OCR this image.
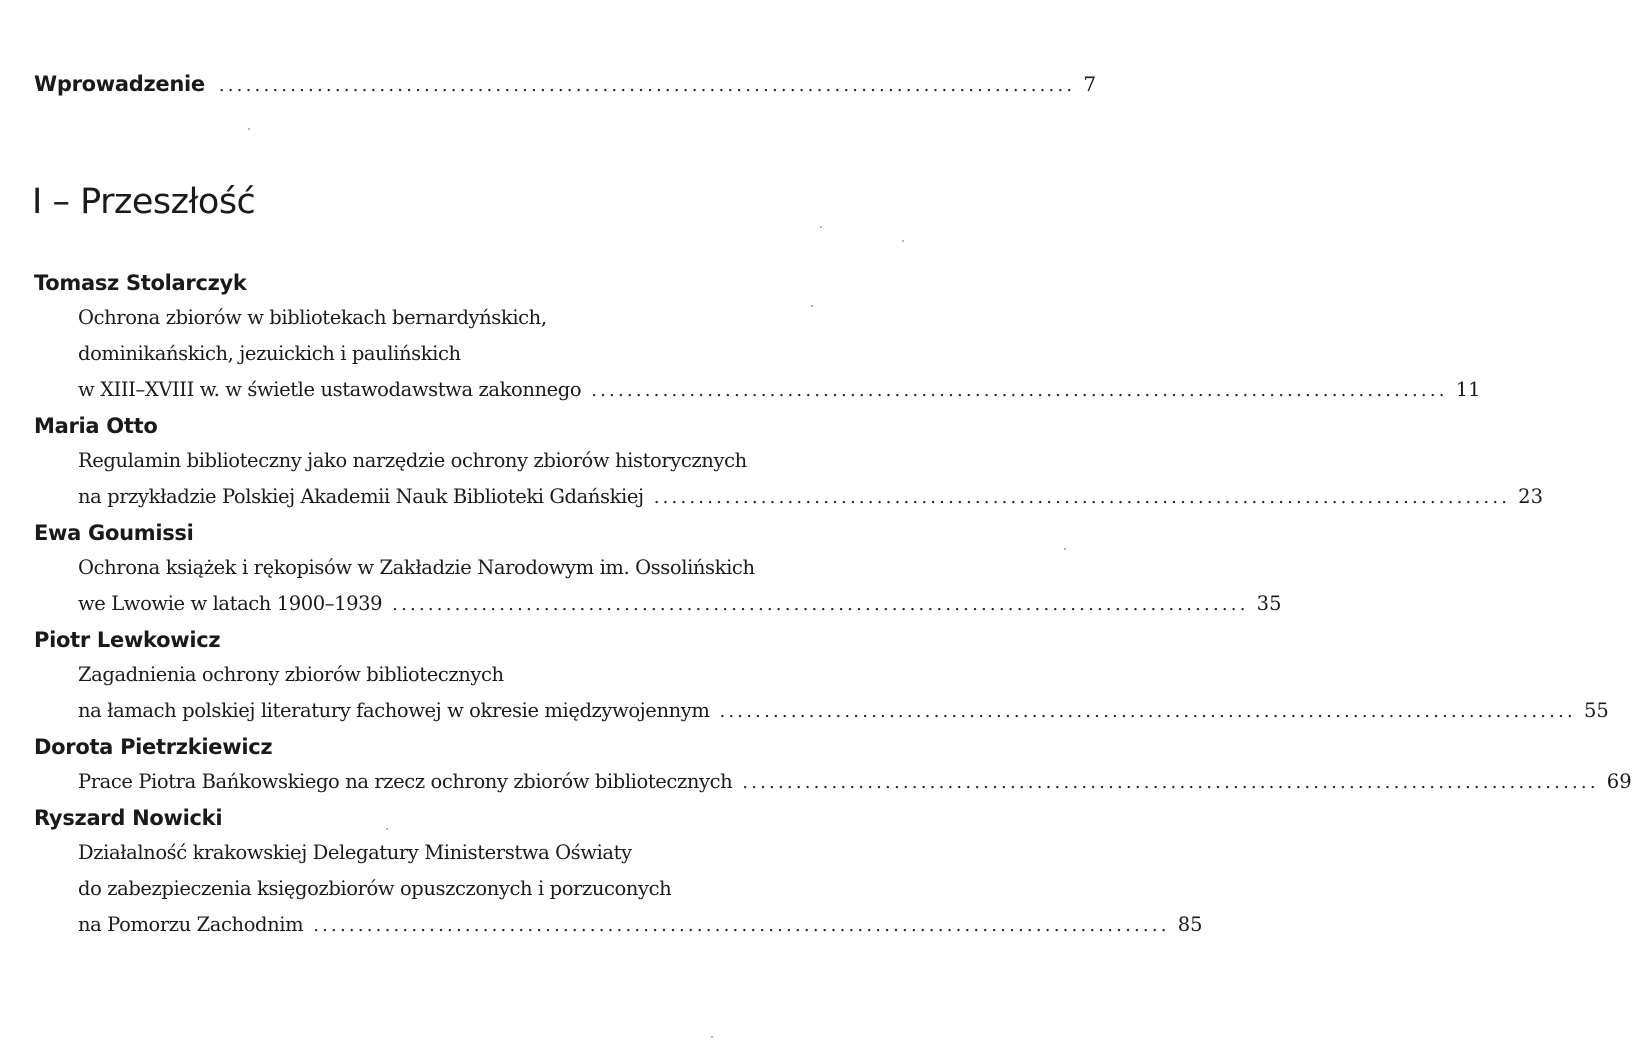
Wprowadzenie ................................................................................................ 7
I – Przeszłość
Tomasz Stolarczyk
Ochrona zbiorów w bibliotekach bernardyńskich,
dominikańskich, jezuickich i paulińskich
w XIII–XVIII w. w świetle ustawodawstwa zakonnego ................................................................................................ 11
Maria Otto
Regulamin biblioteczny jako narzędzie ochrony zbiorów historycznych
na przykładzie Polskiej Akademii Nauk Biblioteki Gdańskiej ................................................................................................ 23
Ewa Goumissi
Ochrona książek i rękopisów w Zakładzie Narodowym im. Ossolińskich
we Lwowie w latach 1900–1939 ................................................................................................ 35
Piotr Lewkowicz
Zagadnienia ochrony zbiorów bibliotecznych
na łamach polskiej literatury fachowej w okresie międzywojennym ................................................................................................ 55
Dorota Pietrzkiewicz
Prace Piotra Bańkowskiego na rzecz ochrony zbiorów bibliotecznych ................................................................................................ 69
Ryszard Nowicki
Działalność krakowskiej Delegatury Ministerstwa Oświaty
do zabezpieczenia księgozbiorów opuszczonych i porzuconych
na Pomorzu Zachodnim ................................................................................................ 85
